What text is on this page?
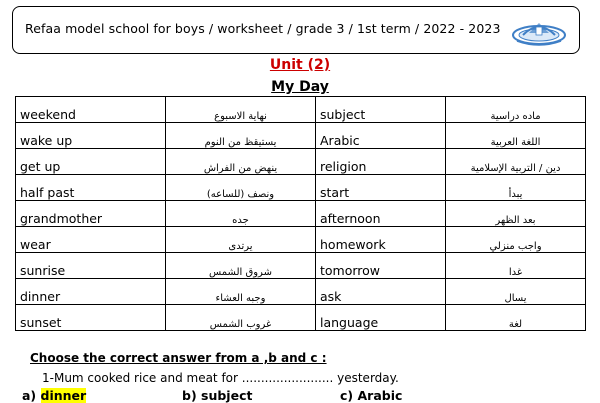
Refaa model school for boys / worksheet / grade 3 / 1st term / 2022 - 2023
Unit (2)
My Day
weekend	نهاية الاسبوع	subject	ماده دراسية
wake up	يستيقظ من النوم	Arabic	اللغة العربية
get up	ينهض من الفراش	religion	دين / التربية الإسلامية
half past	ونصف (للساعه)	start	يبدأ
grandmother	جده	afternoon	بعد الظهر
wear	يرتدى	homework	واجب منزلي
sunrise	شروق الشمس	tomorrow	غدا
dinner	وجبه العشاء	ask	يسال
sunset	غروب الشمس	language	لغة
Choose the correct answer from a ,b and c :
1-Mum cooked rice and meat for ........................ yesterday.
a) dinner	b) subject	c) Arabic
